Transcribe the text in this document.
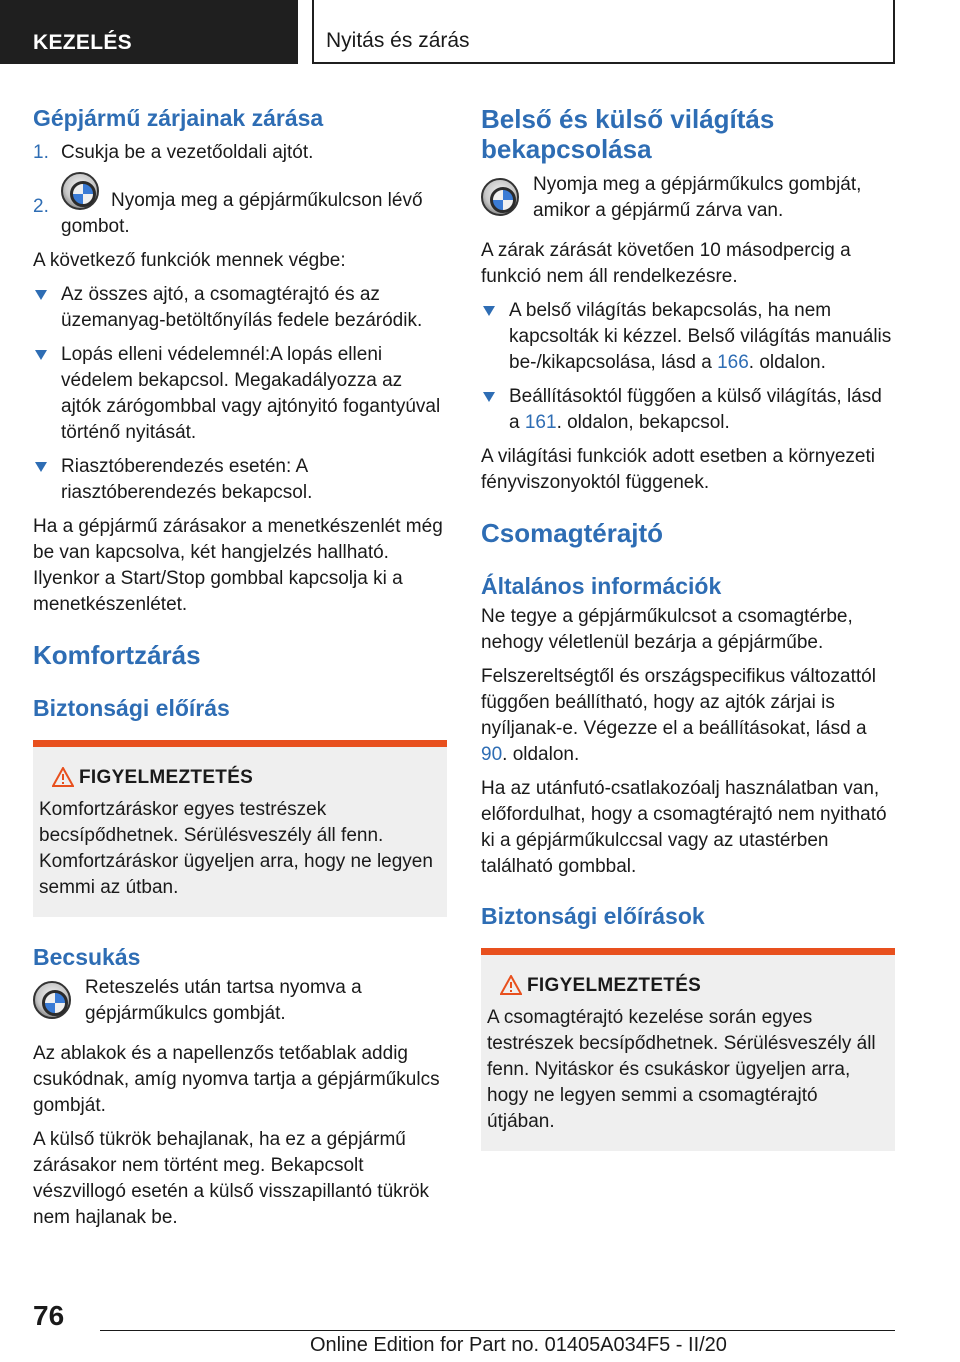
KEZELÉS	Nyitás és zárás
Gépjármű zárjainak zárása
1. Csukja be a vezetőoldali ajtót.
2.	Nyomja meg a gépjárműkulcson lévő gombot.

A következő funkciók mennek végbe:

Az összes ajtó, a csomagtérajtó és az üzemanyag-betöltőnyílás fedele bezáródik.
Lopás elleni védelemnél:A lopás elleni védelem bekapcsol. Megakadályozza az ajtók zárógombbal vagy ajtónyitó fogantyúval történő nyitását.
Riasztóberendezés esetén: A riasztóberendezés bekapcsol.

Ha a gépjármű zárásakor a menetkészenlét még be van kapcsolva, két hangjelzés hallható. Ilyenkor a Start/Stop gombbal kapcsolja ki a menetkészenlétet.

Komfortzárás
Biztonsági előírás
FIGYELMEZTETÉS

Komfortzáráskor egyes testrészek becsípődhetnek. Sérülésveszély áll fenn. Komfortzáráskor ügyeljen arra, hogy ne legyen semmi az útban.

Becsukás

Reteszelés után tartsa nyomva a gépjárműkulcs gombját.

Az ablakok és a napellenzős tetőablak addig csukódnak, amíg nyomva tartja a gépjárműkulcs gombját.

A külső tükrök behajlanak, ha ez a gépjármű zárásakor nem történt meg. Bekapcsolt vészvillogó esetén a külső visszapillantó tükrök nem hajlanak be.

Belső és külső világítás bekapcsolása

Nyomja meg a gépjárműkulcs gombját, amikor a gépjármű zárva van.

A zárak zárását követően 10 másodpercig a funkció nem áll rendelkezésre.

A belső világítás bekapcsolás, ha nem kapcsolták ki kézzel. Belső világítás manuális be-/kikapcsolása, lásd a 166. oldalon.
Beállításoktól függően a külső világítás, lásd a 161. oldalon, bekapcsol.

A világítási funkciók adott esetben a környezeti fényviszonyoktól függenek.

Csomagtérajtó
Általános információk

Ne tegye a gépjárműkulcsot a csomagtérbe, nehogy véletlenül bezárja a gépjárműbe.

Felszereltségtől és országspecifikus változattól függően beállítható, hogy az ajtók zárjai is nyíljanak-e. Végezze el a beállításokat, lásd a 90. oldalon.

Ha az utánfutó-csatlakozóalj használatban van, előfordulhat, hogy a csomagtérajtó nem nyitható ki a gépjárműkulccsal vagy az utastérben található gombbal.

Biztonsági előírások
FIGYELMEZTETÉS

A csomagtérajtó kezelése során egyes testrészek becsípődhetnek. Sérülésveszély áll fenn. Nyitáskor és csukáskor ügyeljen arra, hogy ne legyen semmi a csomagtérajtó útjában.

76
Online Edition for Part no. 01405A034F5 - II/20
